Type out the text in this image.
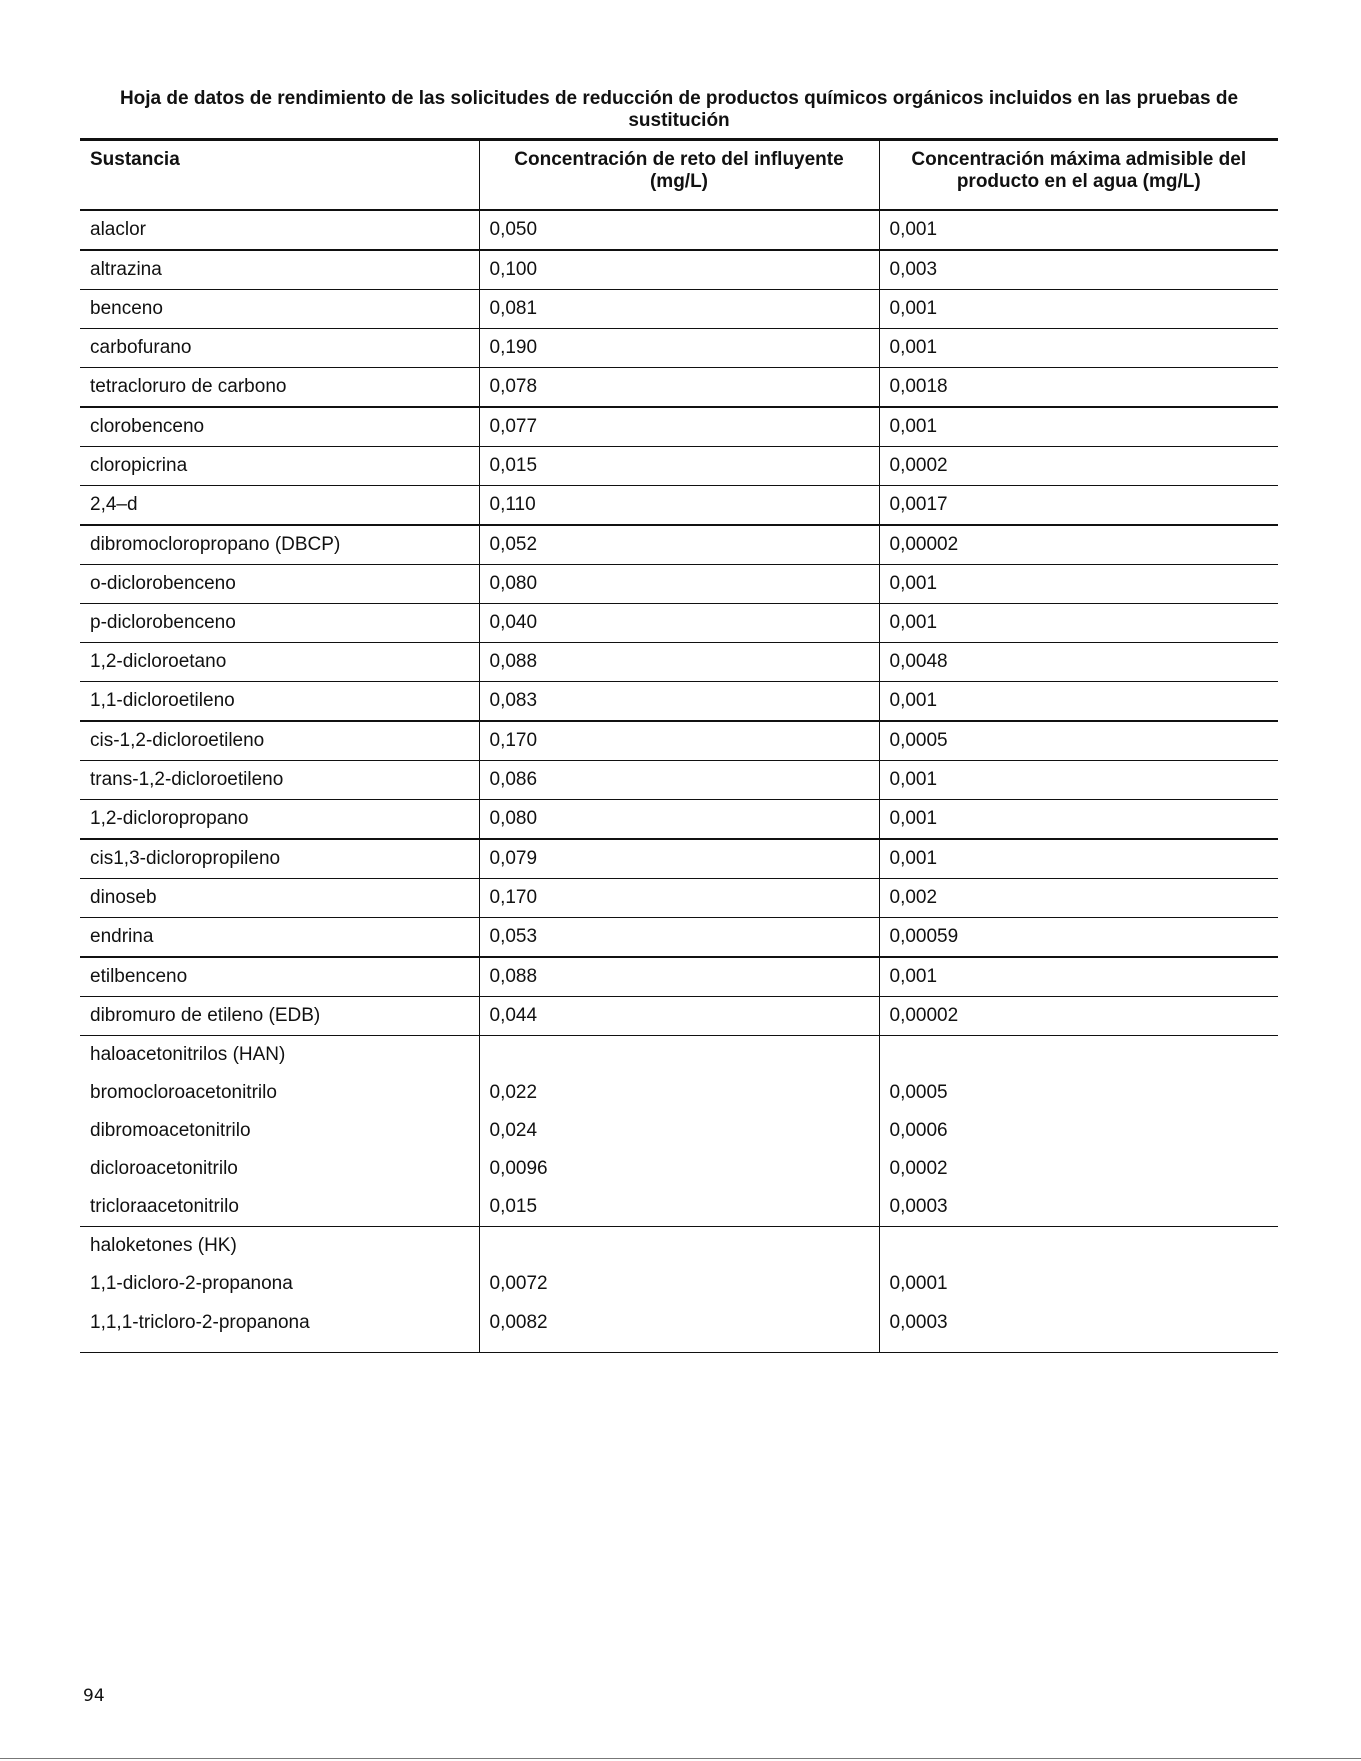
Hoja de datos de rendimiento de las solicitudes de reducción de productos químicos orgánicos incluidos en las pruebas de sustitución
Sustancia	Concentración de reto del influyente (mg/L)	Concentración máxima admisible del producto en el agua (mg/L)
alaclor	0,050	0,001
altrazina	0,100	0,003
benceno	0,081	0,001
carbofurano	0,190	0,001
tetracloruro de carbono	0,078	0,0018
clorobenceno	0,077	0,001
cloropicrina	0,015	0,0002
2,4–d	0,110	0,0017
dibromocloropropano (DBCP)	0,052	0,00002
o-diclorobenceno	0,080	0,001
p-diclorobenceno	0,040	0,001
1,2-dicloroetano	0,088	0,0048
1,1-dicloroetileno	0,083	0,001
cis-1,2-dicloroetileno	0,170	0,0005
trans-1,2-dicloroetileno	0,086	0,001
1,2-dicloropropano	0,080	0,001
cis1,3-dicloropropileno	0,079	0,001
dinoseb	0,170	0,002
endrina	0,053	0,00059
etilbenceno	0,088	0,001
dibromuro de etileno (EDB)	0,044	0,00002
haloacetonitrilos (HAN)		
bromocloroacetonitrilo	0,022	0,0005
dibromoacetonitrilo	0,024	0,0006
dicloroacetonitrilo	0,0096	0,0002
tricloraacetonitrilo	0,015	0,0003
haloketones (HK)		
1,1-dicloro-2-propanona	0,0072	0,0001
1,1,1-tricloro-2-propanona	0,0082	0,0003
94
